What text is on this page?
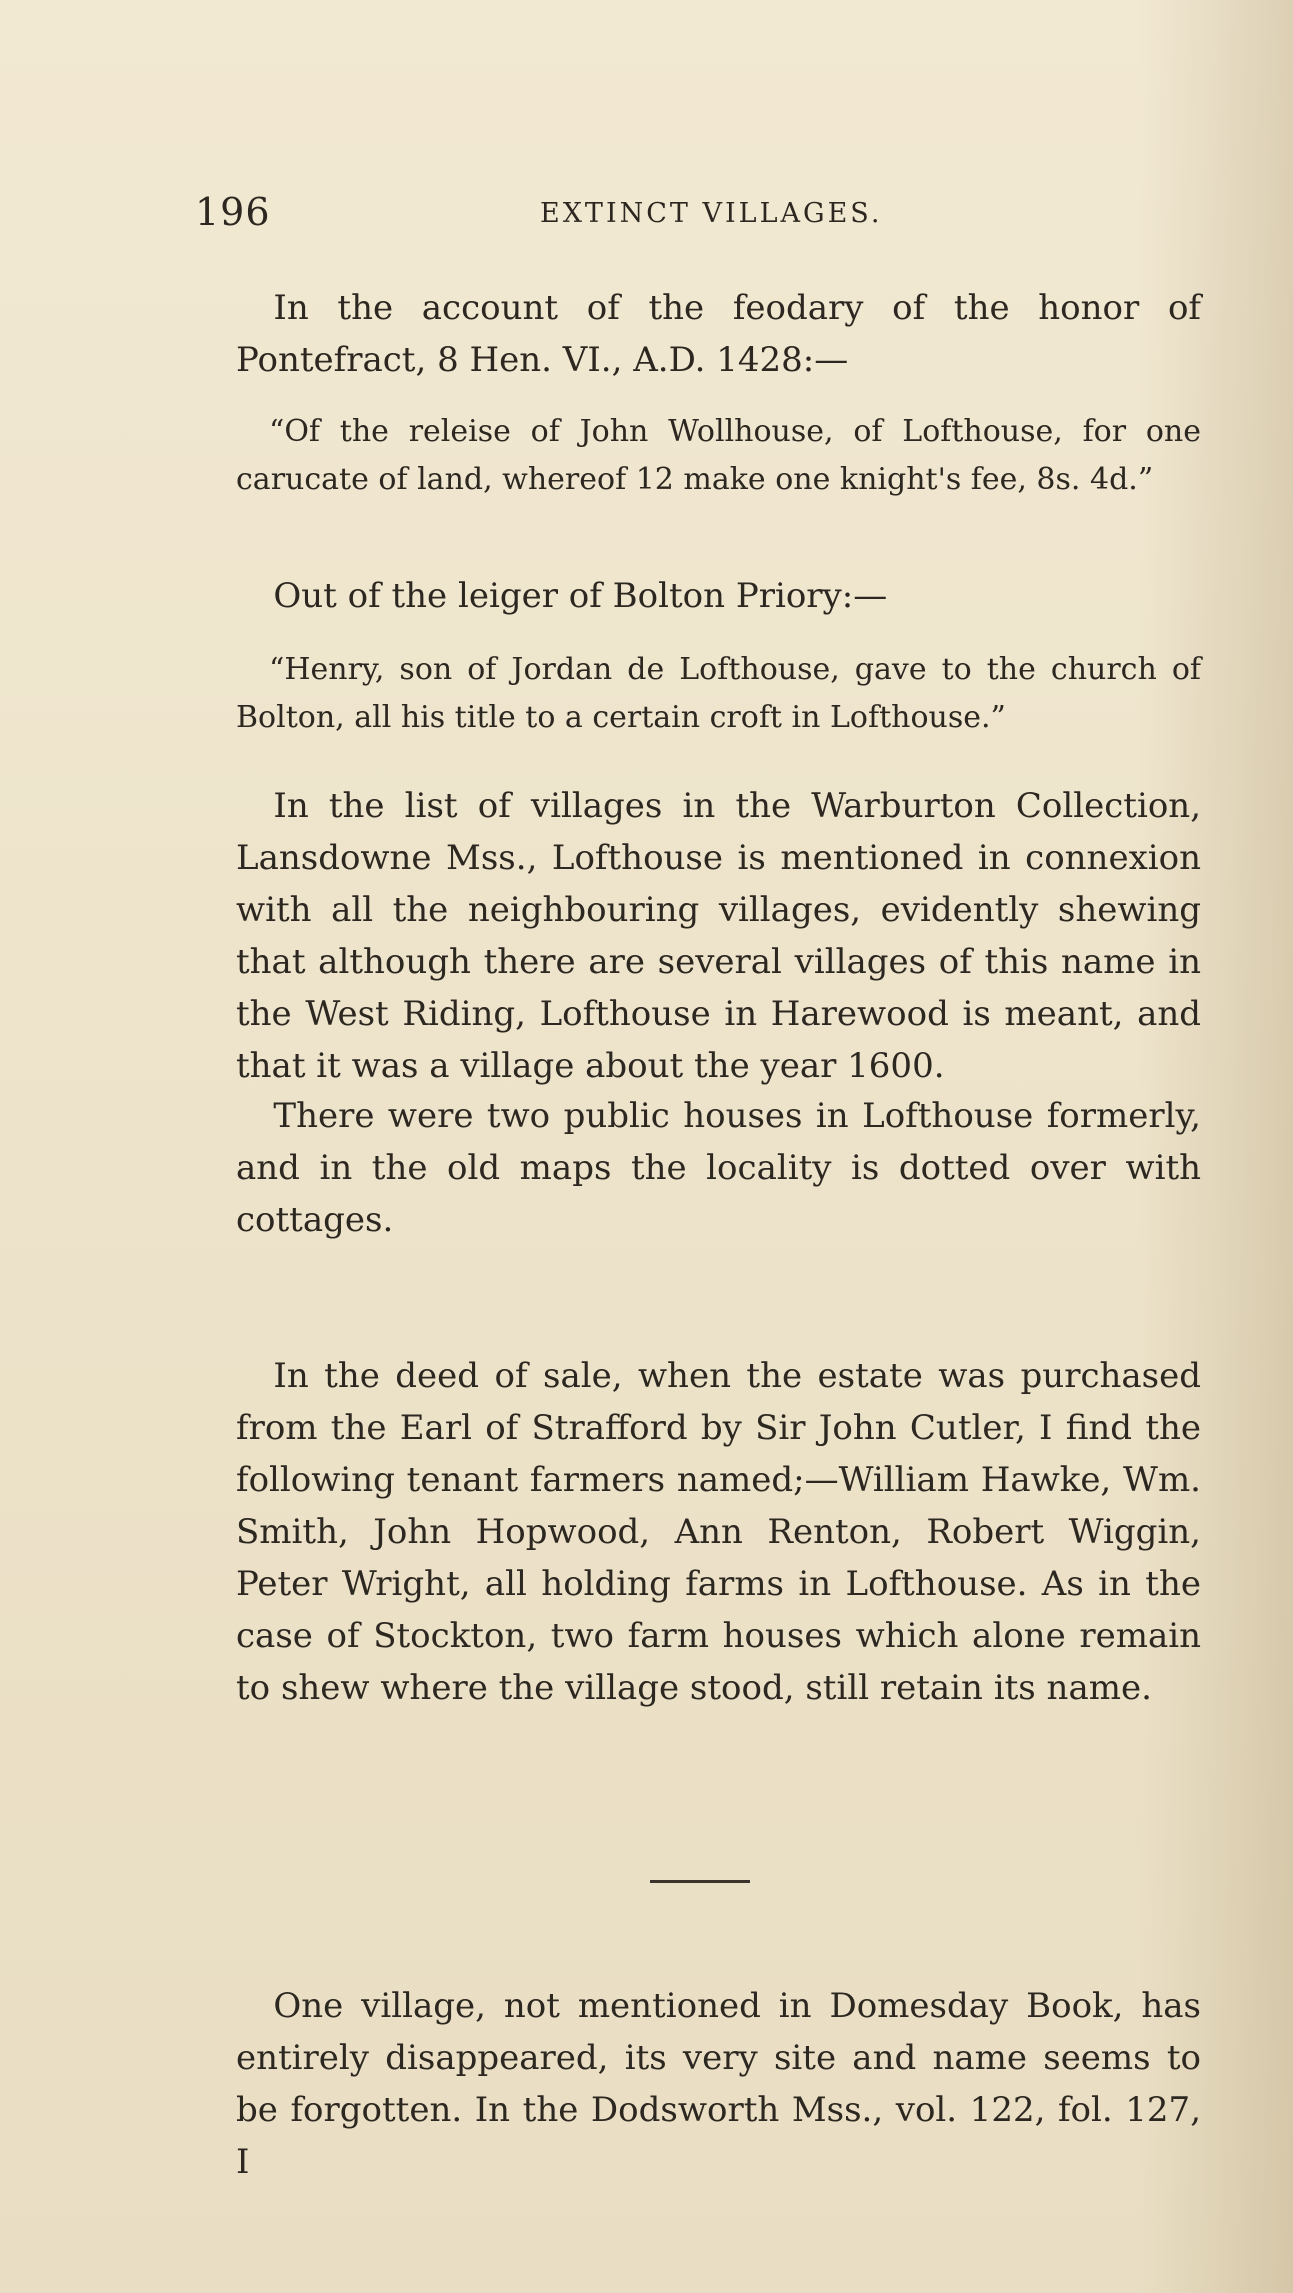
196	EXTINCT VILLAGES.

In the account of the feodary of the honor of Pontefract, 8 Hen. VI., A.D. 1428:—

“Of the releise of John Wollhouse, of Lofthouse, for one carucate of land, whereof 12 make one knight's fee, 8s. 4d.”

Out of the leiger of Bolton Priory:—

“Henry, son of Jordan de Lofthouse, gave to the church of Bolton, all his title to a certain croft in Lofthouse.”

In the list of villages in the Warburton Collection, Lansdowne Mss., Lofthouse is mentioned in connexion with all the neighbouring villages, evidently shewing that although there are several villages of this name in the West Riding, Lofthouse in Harewood is meant, and that it was a village about the year 1600.

There were two public houses in Lofthouse formerly, and in the old maps the locality is dotted over with cottages.

In the deed of sale, when the estate was purchased from the Earl of Strafford by Sir John Cutler, I find the following tenant farmers named;—William Hawke, Wm. Smith, John Hopwood, Ann Renton, Robert Wiggin, Peter Wright, all holding farms in Lofthouse. As in the case of Stockton, two farm houses which alone remain to shew where the village stood, still retain its name.

One village, not mentioned in Domesday Book, has entirely disappeared, its very site and name seems to be forgotten. In the Dodsworth Mss., vol. 122, fol. 127, I
